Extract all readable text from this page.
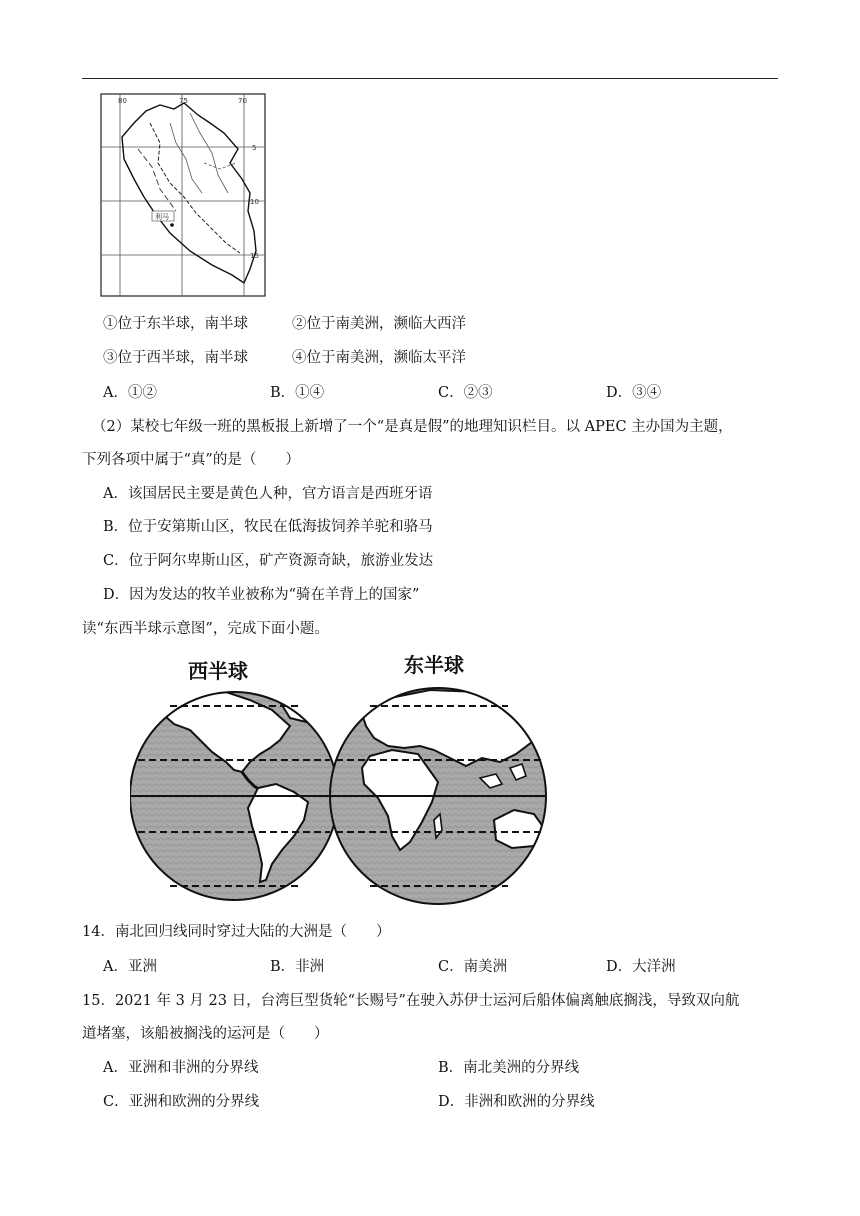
80	75	70
5
10
15
利马
①位于东半球，南半球	②位于南美洲，濒临大西洋
③位于西半球，南半球	④位于南美洲，濒临太平洋
A．①②	B．①④	C．②③	D．③④
（2）某校七年级一班的黑板报上新增了一个“是真是假”的地理知识栏目。以 APEC 主办国为主题，
下列各项中属于“真”的是（　　）
A．该国居民主要是黄色人种，官方语言是西班牙语
B．位于安第斯山区，牧民在低海拔饲养羊驼和骆马
C．位于阿尔卑斯山区，矿产资源奇缺，旅游业发达
D．因为发达的牧羊业被称为“骑在羊背上的国家”
读“东西半球示意图”，完成下面小题。
西半球	东半球
14．南北回归线同时穿过大陆的大洲是（　　）
A．亚洲	B．非洲	C．南美洲	D．大洋洲
15．2021 年 3 月 23 日，台湾巨型货轮“长赐号”在驶入苏伊士运河后船体偏离触底搁浅，导致双向航
道堵塞，该船被搁浅的运河是（　　）
A．亚洲和非洲的分界线	B．南北美洲的分界线
C．亚洲和欧洲的分界线	D．非洲和欧洲的分界线
